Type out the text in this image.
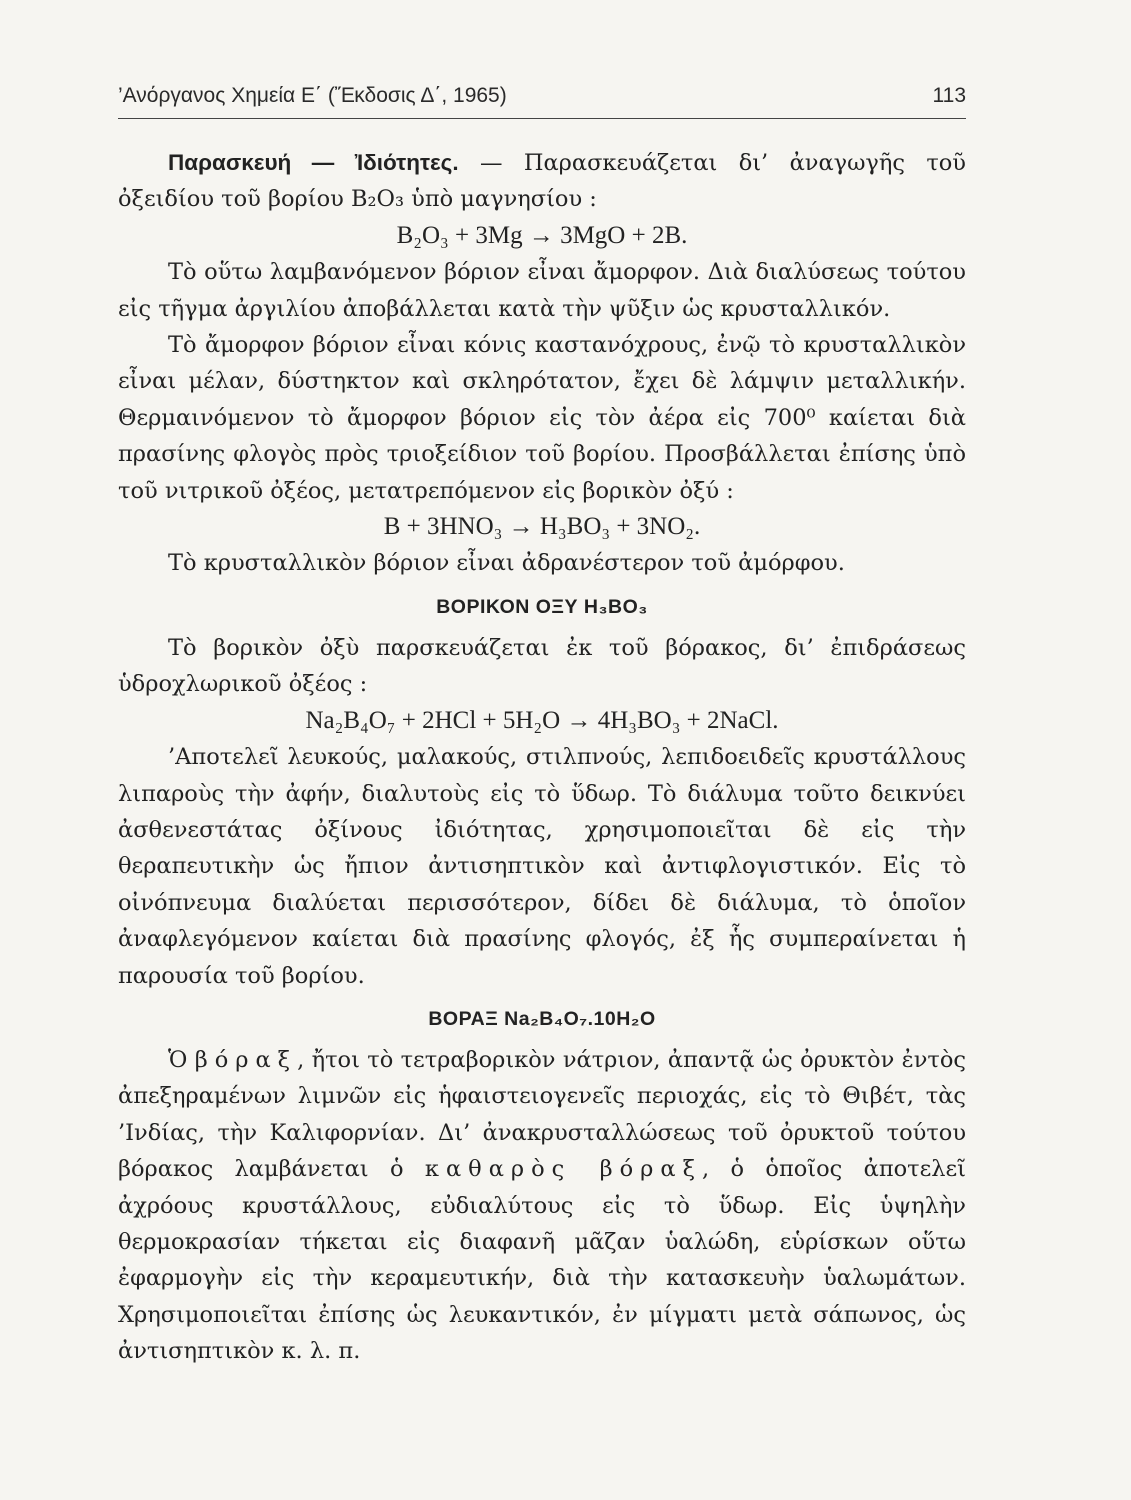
’Ανόργανος Χημεία Ε΄ (Ἔκδοσις Δ΄, 1965)	113

Παρασκευή — Ἰδιότητες. — Παρασκευάζεται δι’ ἀναγωγῆς τοῦ ὀξειδίου τοῦ βορίου B₂O₃ ὑπὸ μαγνησίου :

B₂O₃ + 3Mg → 3MgO + 2B.

Τὸ οὕτω λαμβανόμενον βόριον εἶναι ἄμορφον. Διὰ διαλύσεως τούτου εἰς τῆγμα ἀργιλίου ἀποβάλλεται κατὰ τὴν ψῦξιν ὡς κρυσταλλικόν.

Τὸ ἄμορφον βόριον εἶναι κόνις καστανόχρους, ἐνῷ τὸ κρυσταλλικὸν εἶναι μέλαν, δύστηκτον καὶ σκληρότατον, ἔχει δὲ λάμψιν μεταλλικήν. Θερμαινόμενον τὸ ἄμορφον βόριον εἰς τὸν ἀέρα εἰς 700⁰ καίεται διὰ πρασίνης φλογὸς πρὸς τριοξείδιον τοῦ βορίου. Προσβάλλεται ἐπίσης ὑπὸ τοῦ νιτρικοῦ ὀξέος, μετατρεπόμενον εἰς βορικὸν ὀξύ :

B + 3HNO₃ → H₃BO₃ + 3NO₂.

Τὸ κρυσταλλικὸν βόριον εἶναι ἀδρανέστερον τοῦ ἀμόρφου.

ΒΟΡΙΚΟΝ ΟΞΥ H₃BO₃

Τὸ βορικὸν ὀξὺ παρσκευάζεται ἐκ τοῦ βόρακος, δι’ ἐπιδράσεως ὑδροχλωρικοῦ ὀξέος :

Na₂B₄O₇ + 2HCl + 5H₂O → 4H₃BO₃ + 2NaCl.

’Αποτελεῖ λευκούς, μαλακούς, στιλπνούς, λεπιδοειδεῖς κρυστάλλους λιπαροὺς τὴν ἀφήν, διαλυτοὺς εἰς τὸ ὕδωρ. Τὸ διάλυμα τοῦτο δεικνύει ἀσθενεστάτας ὀξίνους ἰδιότητας, χρησιμοποιεῖται δὲ εἰς τὴν θεραπευτικὴν ὡς ἤπιον ἀντισηπτικὸν καὶ ἀντιφλογιστικόν. Εἰς τὸ οἰνόπνευμα διαλύεται περισσότερον, δίδει δὲ διάλυμα, τὸ ὁποῖον ἀναφλεγόμενον καίεται διὰ πρασίνης φλογός, ἐξ ἧς συμπεραίνεται ἡ παρουσία τοῦ βορίου.

ΒΟΡΑΞ Na₂B₄O₇.10H₂O

Ὁ βόραξ, ἤτοι τὸ τετραβορικὸν νάτριον, ἀπαντᾷ ὡς ὀρυκτὸν ἐντὸς ἀπεξηραμένων λιμνῶν εἰς ἡφαιστειογενεῖς περιοχάς, εἰς τὸ Θιβέτ, τὰς ’Ινδίας, τὴν Καλιφορνίαν. Δι’ ἀνακρυσταλλώσεως τοῦ ὀρυκτοῦ τούτου βόρακος λαμβάνεται ὁ καθαρὸς βόραξ, ὁ ὁποῖος ἀποτελεῖ ἀχρόους κρυστάλλους, εὐδιαλύτους εἰς τὸ ὕδωρ. Εἰς ὑψηλὴν θερμοκρασίαν τήκεται εἰς διαφανῆ μᾶζαν ὑαλώδη, εὑρίσκων οὕτω ἐφαρμογὴν εἰς τὴν κεραμευτικήν, διὰ τὴν κατασκευὴν ὑαλωμάτων. Χρησιμοποιεῖται ἐπίσης ὡς λευκαντικόν, ἐν μίγματι μετὰ σάπωνος, ὡς ἀντισηπτικὸν κ. λ. π.
